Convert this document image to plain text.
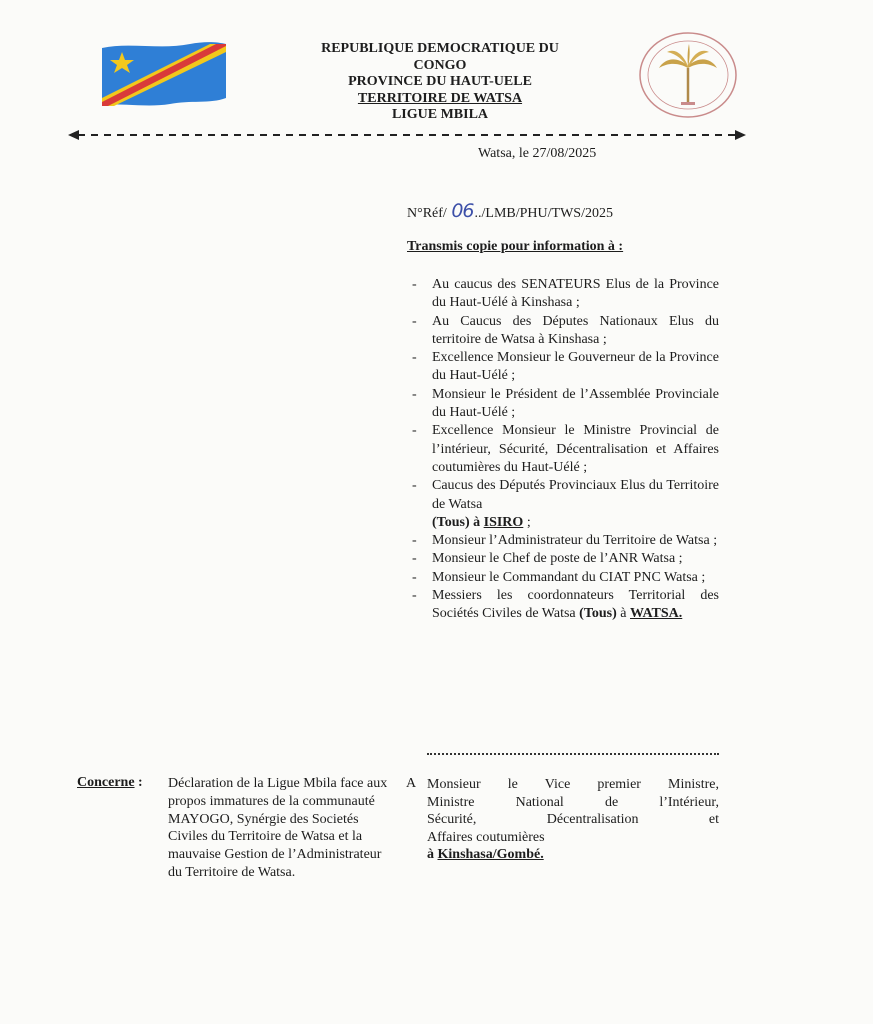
REPUBLIQUE DEMOCRATIQUE DU
CONGO
PROVINCE DU HAUT-UELE
TERRITOIRE DE WATSA
LIGUE MBILA
Watsa, le 27/08/2025
N°Réf/ 06../LMB/PHU/TWS/2025
Transmis copie pour information à :
- Au caucus des SENATEURS Elus de la Province du Haut-Uélé à Kinshasa ;
- Au Caucus des Députes Nationaux Elus du territoire de Watsa à Kinshasa ;
- Excellence Monsieur le Gouverneur de la Province du Haut-Uélé ;
- Monsieur le Président de l’Assemblée Provinciale du Haut-Uélé ;
- Excellence Monsieur le Ministre Provincial de l’intérieur, Sécurité, Décentralisation et Affaires coutumières du Haut-Uélé ;
- Caucus des Députés Provinciaux Elus du Territoire de Watsa
(Tous) à ISIRO ;
- Monsieur l’Administrateur du Territoire de Watsa ;
- Monsieur le Chef de poste de l’ANR Watsa ;
- Monsieur le Commandant du CIAT PNC Watsa ;
- Messiers les coordonnateurs Territorial des Sociétés Civiles de Watsa (Tous) à WATSA.
Concerne : Déclaration de la Ligue Mbila face aux propos immatures de la communauté MAYOGO, Synérgie des Societés Civiles du Territoire de Watsa et la mauvaise Gestion de l’Administrateur du Territoire de Watsa.
A Monsieur le Vice premier Ministre,
Ministre National de l’Intérieur,
Sécurité, Décentralisation et
Affaires coutumières
à Kinshasa/Gombé.
